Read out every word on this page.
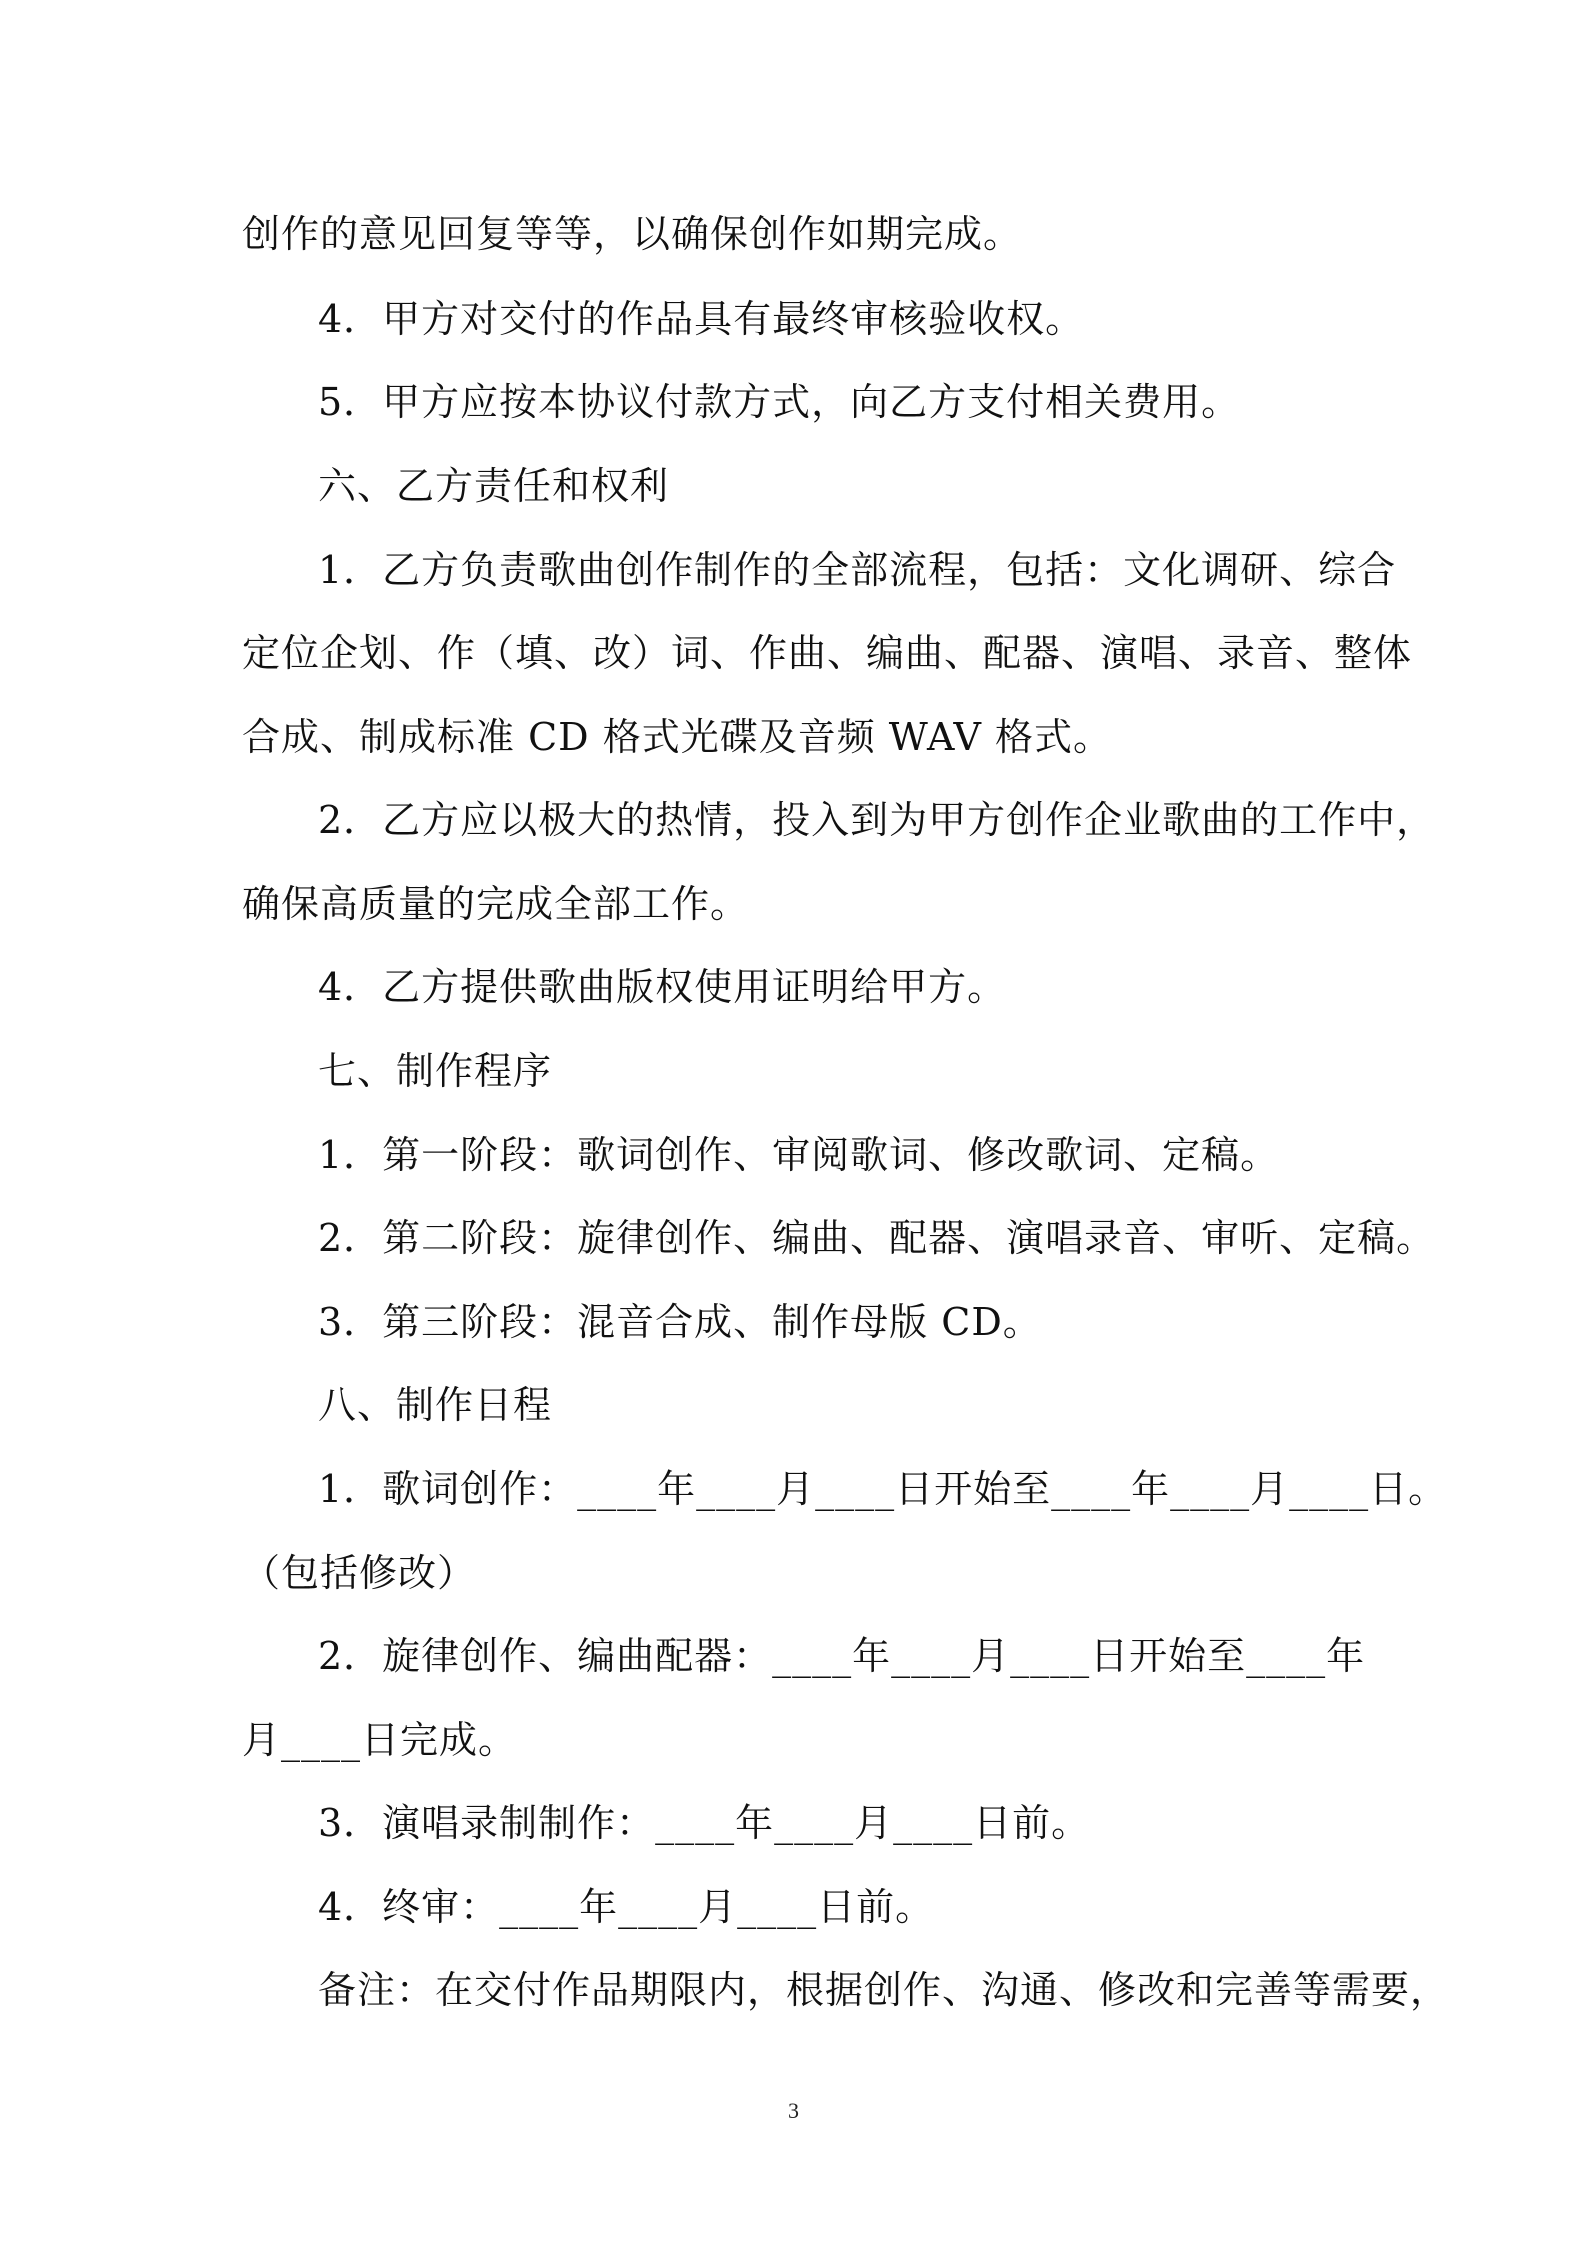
创作的意见回复等等，以确保创作如期完成。
4．甲方对交付的作品具有最终审核验收权。
5．甲方应按本协议付款方式，向乙方支付相关费用。
六、乙方责任和权利
1．乙方负责歌曲创作制作的全部流程，包括：文化调研、综合
定位企划、作（填、改）词、作曲、编曲、配器、演唱、录音、整体
合成、制成标准 CD 格式光碟及音频 WAV 格式。
2．乙方应以极大的热情，投入到为甲方创作企业歌曲的工作中，
确保高质量的完成全部工作。
4．乙方提供歌曲版权使用证明给甲方。
七、制作程序
1．第一阶段：歌词创作、审阅歌词、修改歌词、定稿。
2．第二阶段：旋律创作、编曲、配器、演唱录音、审听、定稿。
3．第三阶段：混音合成、制作母版 CD。
八、制作日程
1．歌词创作：____年____月____日开始至____年____月____日。
（包括修改）
2．旋律创作、编曲配器：____年____月____日开始至____年
月____日完成。
3．演唱录制制作：____年____月____日前。
4．终审：____年____月____日前。
备注：在交付作品期限内，根据创作、沟通、修改和完善等需要，
3
